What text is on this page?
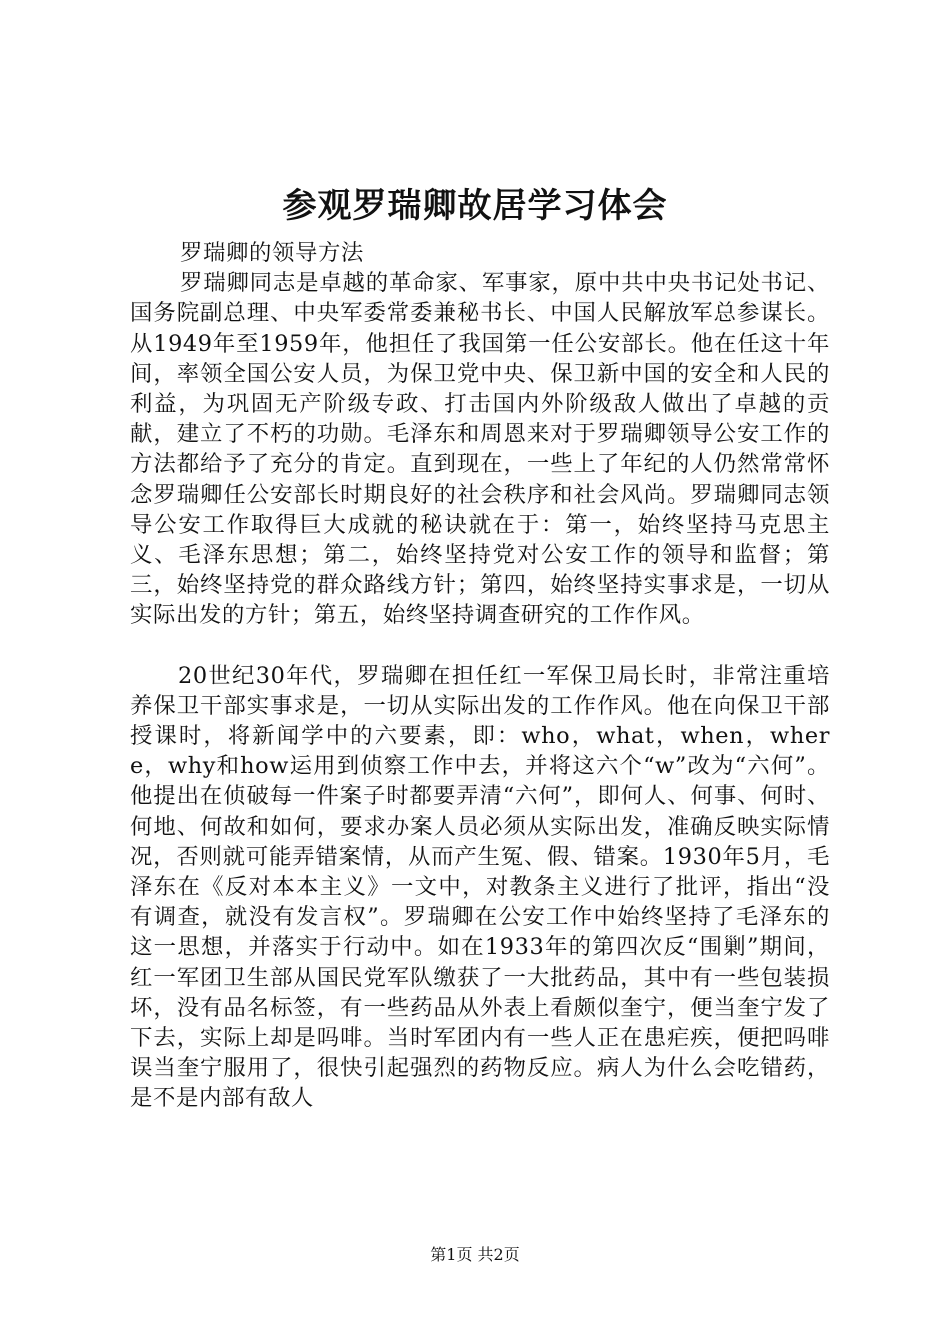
参观罗瑞卿故居学习体会

罗瑞卿的领导方法

罗瑞卿同志是卓越的革命家、军事家，原中共中央书记处书记、国务院副总理、中央军委常委兼秘书长、中国人民解放军总参谋长。从1949年至1959年，他担任了我国第一任公安部长。他在任这十年间，率领全国公安人员，为保卫党中央、保卫新中国的安全和人民的利益，为巩固无产阶级专政、打击国内外阶级敌人做出了卓越的贡献，建立了不朽的功勋。毛泽东和周恩来对于罗瑞卿领导公安工作的方法都给予了充分的肯定。直到现在，一些上了年纪的人仍然常常怀念罗瑞卿任公安部长时期良好的社会秩序和社会风尚。罗瑞卿同志领导公安工作取得巨大成就的秘诀就在于：第一，始终坚持马克思主义、毛泽东思想；第二，始终坚持党对公安工作的领导和监督；第三，始终坚持党的群众路线方针；第四，始终坚持实事求是，一切从实际出发的方针；第五，始终坚持调查研究的工作作风。

20世纪30年代，罗瑞卿在担任红一军保卫局长时，非常注重培养保卫干部实事求是，一切从实际出发的工作作风。他在向保卫干部授课时，将新闻学中的六要素，即：who，what，when，where，why和how运用到侦察工作中去，并将这六个“w”改为“六何”。他提出在侦破每一件案子时都要弄清“六何”，即何人、何事、何时、何地、何故和如何，要求办案人员必须从实际出发，准确反映实际情况，否则就可能弄错案情，从而产生冤、假、错案。1930年5月，毛泽东在《反对本本主义》一文中，对教条主义进行了批评，指出“没有调查，就没有发言权”。罗瑞卿在公安工作中始终坚持了毛泽东的这一思想，并落实于行动中。如在1933年的第四次反“围剿”期间，红一军团卫生部从国民党军队缴获了一大批药品，其中有一些包装损坏，没有品名标签，有一些药品从外表上看颇似奎宁，便当奎宁发了下去，实际上却是吗啡。当时军团内有一些人正在患疟疾，便把吗啡误当奎宁服用了，很快引起强烈的药物反应。病人为什么会吃错药，是不是内部有敌人

第1页 共2页
